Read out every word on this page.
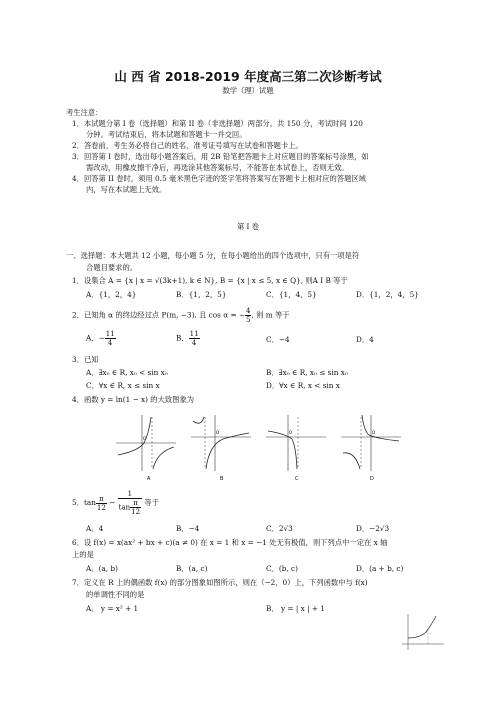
山 西 省 2018-2019 年度高三第二次诊断考试
数学（理）试题
考生注意：
1．本试题分第 I 卷（选择题）和第 II 卷（非选择题）两部分。共 150 分，考试时间 120
分钟。考试结束后，将本试题和答题卡一并交回。
2．答卷前，考生务必将自己的姓名、准考证号填写在试卷和答题卡上。
3．回答第 I 卷时，选出每小题答案后，用 2B 铅笔把答题卡上对应题目的答案标号涂黑，如
需改动，用橡皮擦干净后，再选涂其他答案标号，不能答在本试卷上，否则无效。
4．回答第 II 卷时，须用 0.5 毫米黑色字迹的签字笔将答案写在答题卡上相对应的答题区域
内，写在本试题上无效。
第 I 卷
一、选择题：本大题共 12 小题，每小题 5 分，在每小题给出的四个选项中，只有一项是符
合题目要求的。
1．设集合 A = {x | x = √(3k+1), k ∈ N}, B = {x | x ≤ 5, x ∈ Q}, 则A I B 等于
A．{1，2，4}	B．{1，2，5}	C．{1，4，5}	D．{1，2，4，5}
2．已知角 α 的终边经过点 P(m, −3), 且 cos α = − $\frac{4}{5}$ , 则 m 等于
A．− $\frac{11}{4}$	B． $\frac{11}{4}$	C．−4	D．4
3．已知
A．∃x₀ ∈ R, x₀ < sin x₀	B．∃x₀ ∈ R, x₀ ≤ sin x₀
C．∀x ∈ R, x ≤ sin x	D．∀x ∈ R, x < sin x
4．函数 y = ln(1 − x) 的大致图象为
O
A
O
B
O
C
O
D
5．$\tan \frac{\pi}{12} - \frac{1}{\tan \frac{\pi}{12}}$ 等于
A．4	B．−4	C．2√3	D．−2√3
6．设 f(x) = x(ax² + bx + c)(a ≠ 0) 在 x = 1 和 x = −1 处无有极值，则下列点中一定在 x 轴
上的是
A．(a, b)	B．(a, c)	C．(b, c)	D．(a + b, c)
7．定义在 R 上的偶函数 f(x) 的部分图象如图所示，则在（−2，0）上，下列函数中与 f(x)
的单调性不同的是
A． y = x² + 1	B． y = | x | + 1
